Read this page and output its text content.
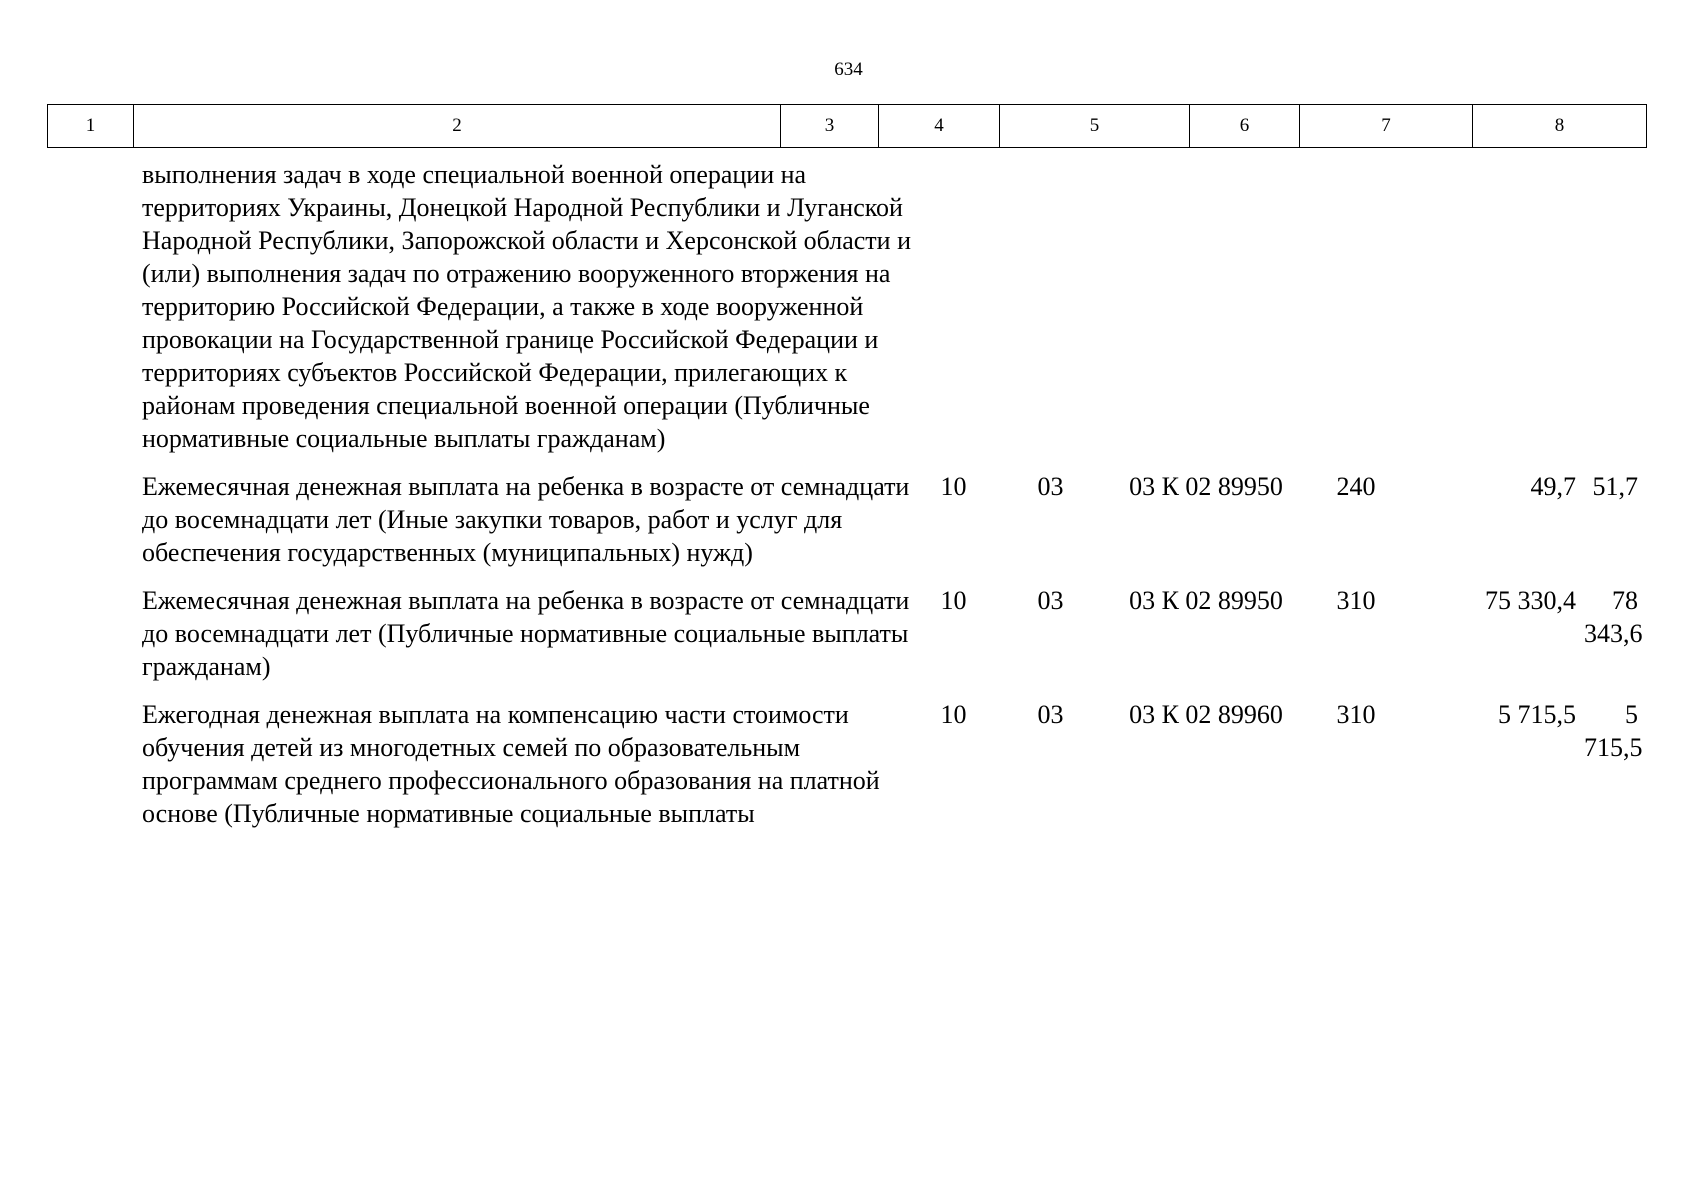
634
1	2	3	4	5	6	7	8
выполнения задач в ходе специальной военной операции на территориях Украины, Донецкой Народной Республики и Луганской Народной Республики, Запорожской области и Херсонской области и (или) выполнения задач по отражению вооруженного вторжения на территорию Российской Федерации, а также в ходе вооруженной провокации на Государственной границе Российской Федерации и территориях субъектов Российской Федерации, прилегающих к районам проведения специальной военной операции (Публичные нормативные социальные выплаты гражданам)						
Ежемесячная денежная выплата на ребенка в возрасте от семнадцати до восемнадцати лет (Иные закупки товаров, работ и услуг для обеспечения государственных (муниципальных) нужд)	10	03	03 К 02 89950	240	49,7	51,7
Ежемесячная денежная выплата на ребенка в возрасте от семнадцати до восемнадцати лет (Публичные нормативные социальные выплаты гражданам)	10	03	03 К 02 89950	310	75 330,4	78 343,6
Ежегодная денежная выплата на компенсацию части стоимости обучения детей из многодетных семей по образовательным программам среднего профессионального образования на платной основе (Публичные нормативные социальные выплаты	10	03	03 К 02 89960	310	5 715,5	5 715,5
